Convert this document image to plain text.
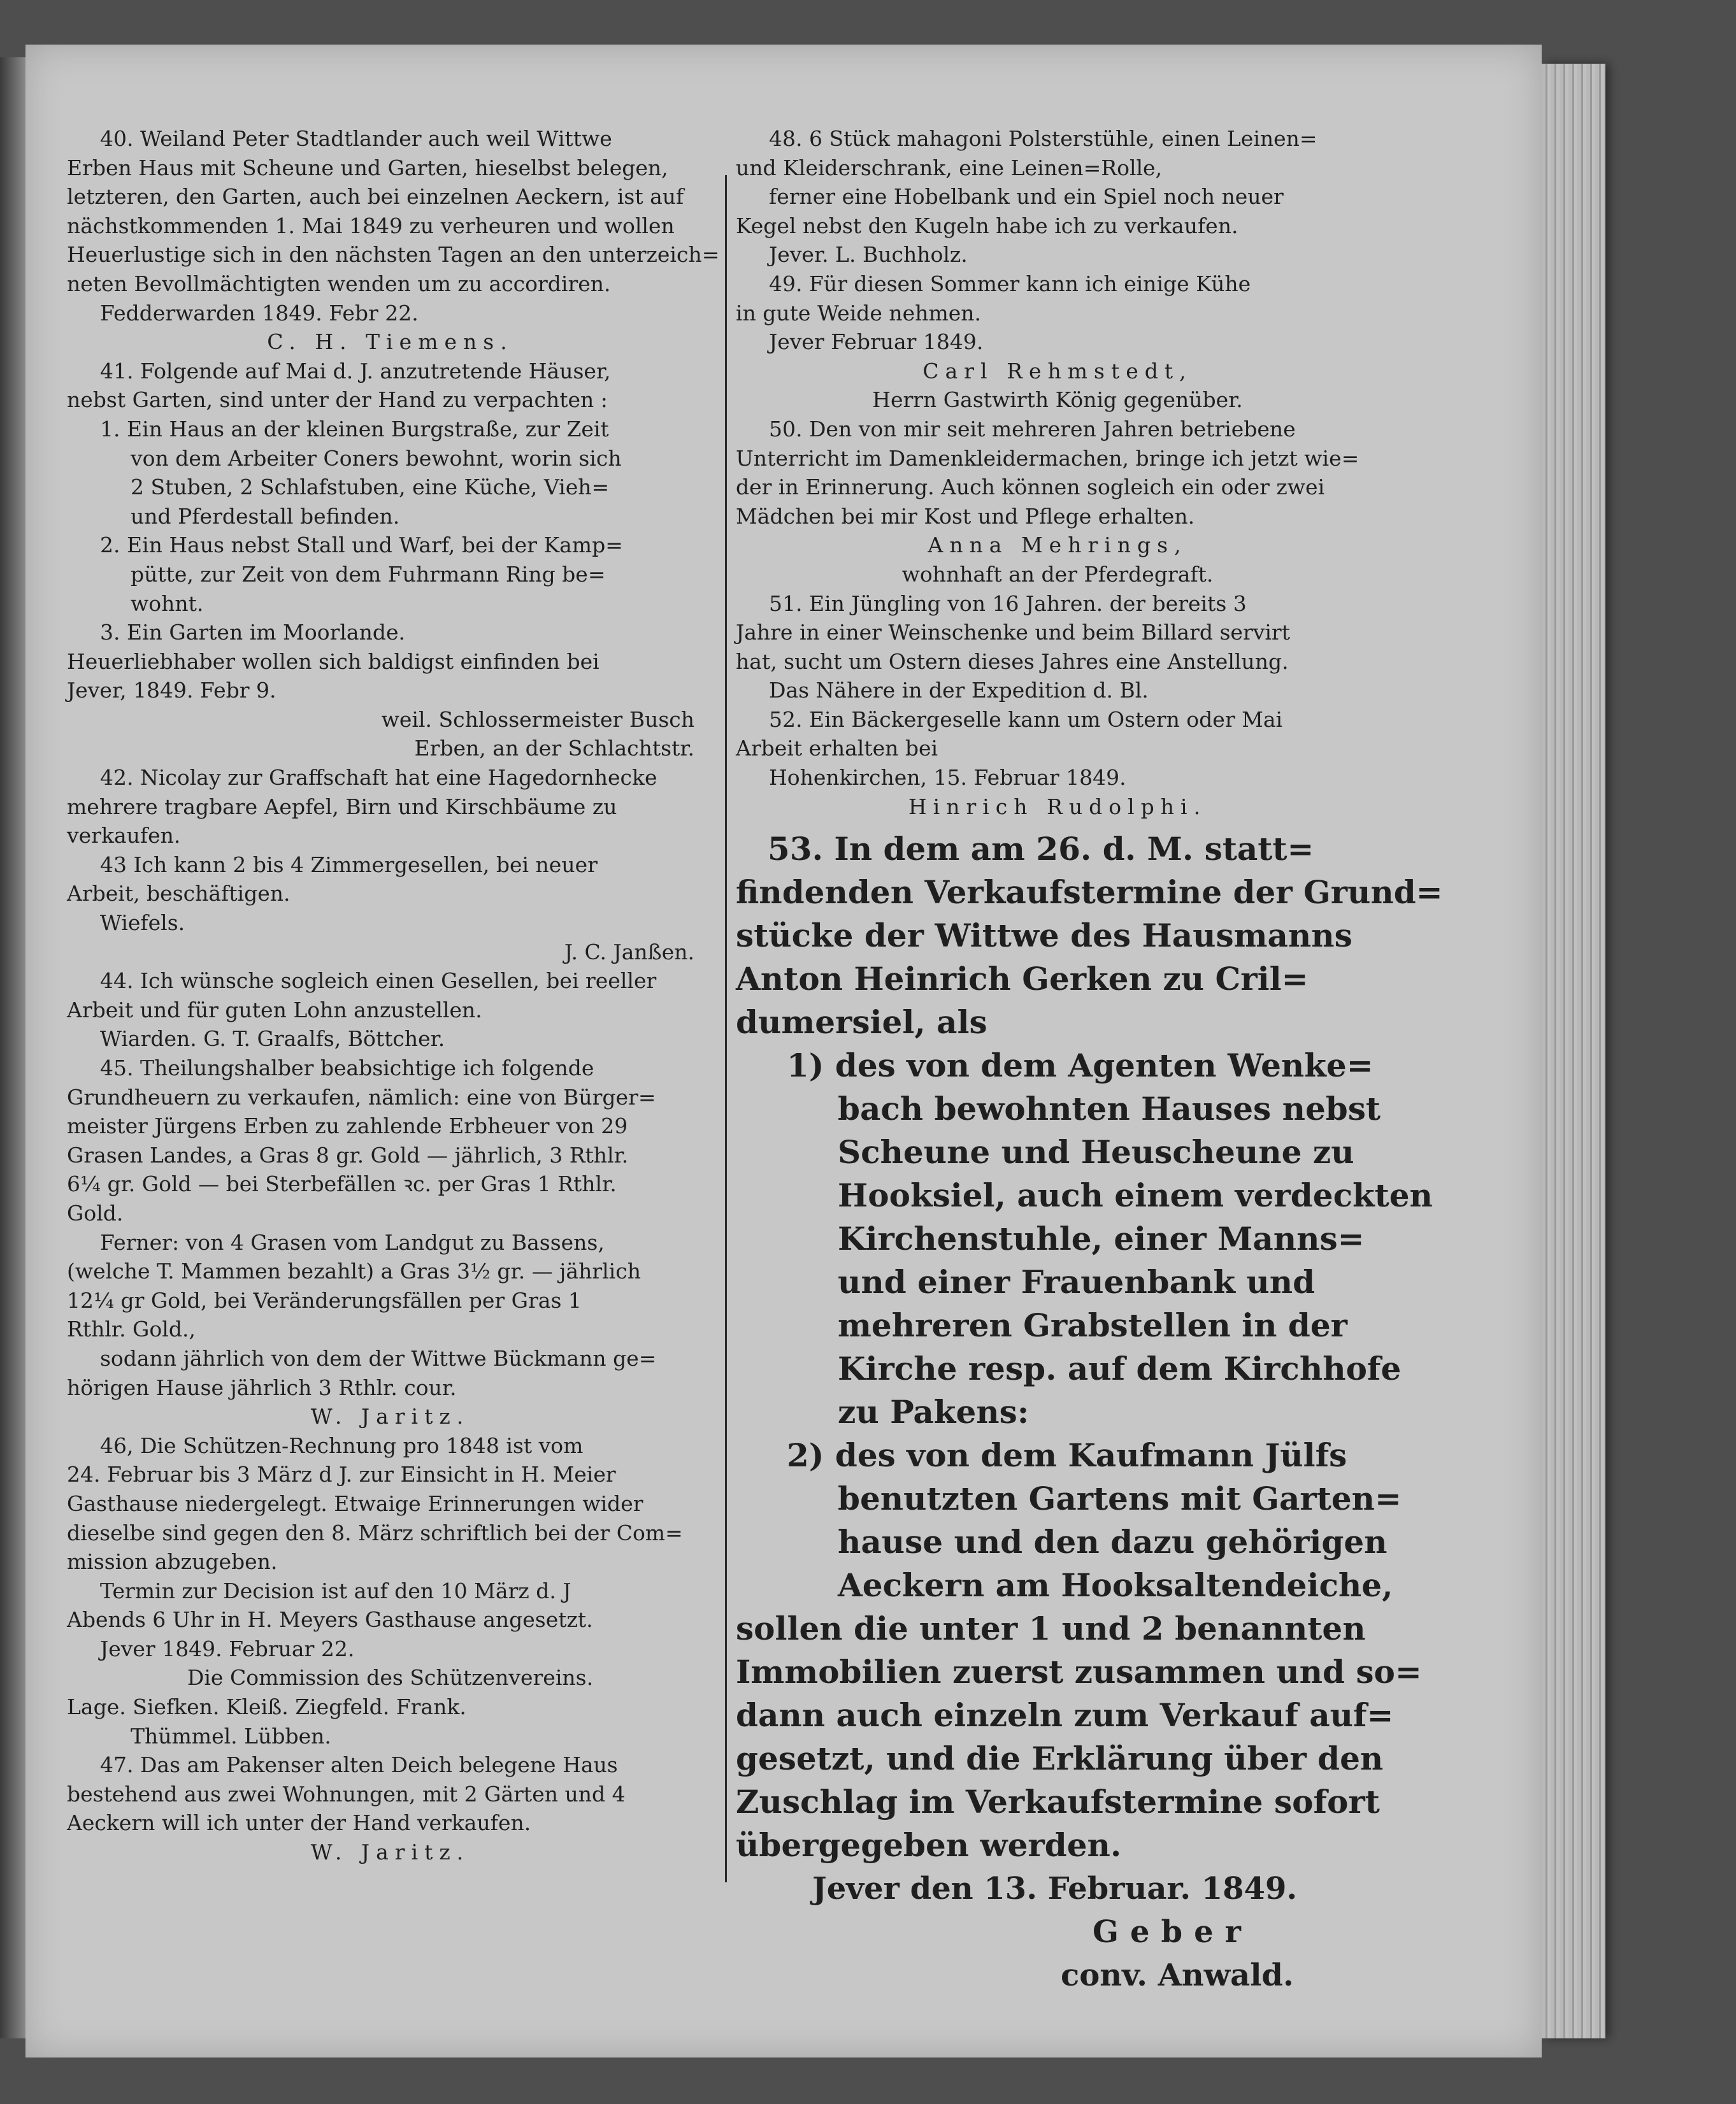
40. Weiland Peter Stadtlander auch weil Wittwe
Erben Haus mit Scheune und Garten, hieselbst belegen,
letzteren, den Garten, auch bei einzelnen Aeckern, ist auf
nächstkommenden 1. Mai 1849 zu verheuren und wollen
Heuerlustige sich in den nächsten Tagen an den unterzeich=
neten Bevollmächtigten wenden um zu accordiren.
Fedderwarden 1849. Febr 22.
C. H. Tiemens.
41. Folgende auf Mai d. J. anzutretende Häuser,
nebst Garten, sind unter der Hand zu verpachten :
1. Ein Haus an der kleinen Burgstraße, zur Zeit
von dem Arbeiter Coners bewohnt, worin sich
2 Stuben, 2 Schlafstuben, eine Küche, Vieh=
und Pferdestall befinden.
2. Ein Haus nebst Stall und Warf, bei der Kamp=
pütte, zur Zeit von dem Fuhrmann Ring be=
wohnt.
3. Ein Garten im Moorlande.
Heuerliebhaber wollen sich baldigst einfinden bei
Jever, 1849. Febr 9.
weil. Schlossermeister Busch
Erben, an der Schlachtstr.
42. Nicolay zur Graffschaft hat eine Hagedornhecke
mehrere tragbare Aepfel, Birn und Kirschbäume zu
verkaufen.
43 Ich kann 2 bis 4 Zimmergesellen, bei neuer
Arbeit, beschäftigen.
Wiefels.
J. C. Janßen.
44. Ich wünsche sogleich einen Gesellen, bei reeller
Arbeit und für guten Lohn anzustellen.
Wiarden. G. T. Graalfs, Böttcher.
45. Theilungshalber beabsichtige ich folgende
Grundheuern zu verkaufen, nämlich: eine von Bürger=
meister Jürgens Erben zu zahlende Erbheuer von 29
Grasen Landes, a Gras 8 gr. Gold — jährlich, 3 Rthlr.
6¼ gr. Gold — bei Sterbefällen ꝛc. per Gras 1 Rthlr.
Gold.
Ferner: von 4 Grasen vom Landgut zu Bassens,
(welche T. Mammen bezahlt) a Gras 3½ gr. — jährlich
12¼ gr Gold, bei Veränderungsfällen per Gras 1
Rthlr. Gold.,
sodann jährlich von dem der Wittwe Bückmann ge=
hörigen Hause jährlich 3 Rthlr. cour.
W. Jaritz.
46, Die Schützen-Rechnung pro 1848 ist vom
24. Februar bis 3 März d J. zur Einsicht in H. Meier
Gasthause niedergelegt. Etwaige Erinnerungen wider
dieselbe sind gegen den 8. März schriftlich bei der Com=
mission abzugeben.
Termin zur Decision ist auf den 10 März d. J
Abends 6 Uhr in H. Meyers Gasthause angesetzt.
Jever 1849. Februar 22.
Die Commission des Schützenvereins.
Lage. Siefken. Kleiß. Ziegfeld. Frank.
Thümmel. Lübben.
47. Das am Pakenser alten Deich belegene Haus
bestehend aus zwei Wohnungen, mit 2 Gärten und 4
Aeckern will ich unter der Hand verkaufen.
W. Jaritz.
48. 6 Stück mahagoni Polsterstühle, einen Leinen=
und Kleiderschrank, eine Leinen=Rolle,
ferner eine Hobelbank und ein Spiel noch neuer
Kegel nebst den Kugeln habe ich zu verkaufen.
Jever. L. Buchholz.
49. Für diesen Sommer kann ich einige Kühe
in gute Weide nehmen.
Jever Februar 1849.
Carl Rehmstedt,
Herrn Gastwirth König gegenüber.
50. Den von mir seit mehreren Jahren betriebene
Unterricht im Damenkleidermachen, bringe ich jetzt wie=
der in Erinnerung. Auch können sogleich ein oder zwei
Mädchen bei mir Kost und Pflege erhalten.
Anna Mehrings,
wohnhaft an der Pferdegraft.
51. Ein Jüngling von 16 Jahren. der bereits 3
Jahre in einer Weinschenke und beim Billard servirt
hat, sucht um Ostern dieses Jahres eine Anstellung.
Das Nähere in der Expedition d. Bl.
52. Ein Bäckergeselle kann um Ostern oder Mai
Arbeit erhalten bei
Hohenkirchen, 15. Februar 1849.
Hinrich Rudolphi.
53. In dem am 26. d. M. statt=
findenden Verkaufstermine der Grund=
stücke der Wittwe des Hausmanns
Anton Heinrich Gerken zu Cril=
dumersiel, als
1) des von dem Agenten Wenke=
bach bewohnten Hauses nebst
Scheune und Heuscheune zu
Hooksiel, auch einem verdeckten
Kirchenstuhle, einer Manns=
und einer Frauenbank und
mehreren Grabstellen in der
Kirche resp. auf dem Kirchhofe
zu Pakens:
2) des von dem Kaufmann Jülfs
benutzten Gartens mit Garten=
hause und den dazu gehörigen
Aeckern am Hooksaltendeiche,
sollen die unter 1 und 2 benannten
Immobilien zuerst zusammen und so=
dann auch einzeln zum Verkauf auf=
gesetzt, und die Erklärung über den
Zuschlag im Verkaufstermine sofort
übergegeben werden.
Jever den 13. Februar. 1849.
Geber
conv. Anwald.
